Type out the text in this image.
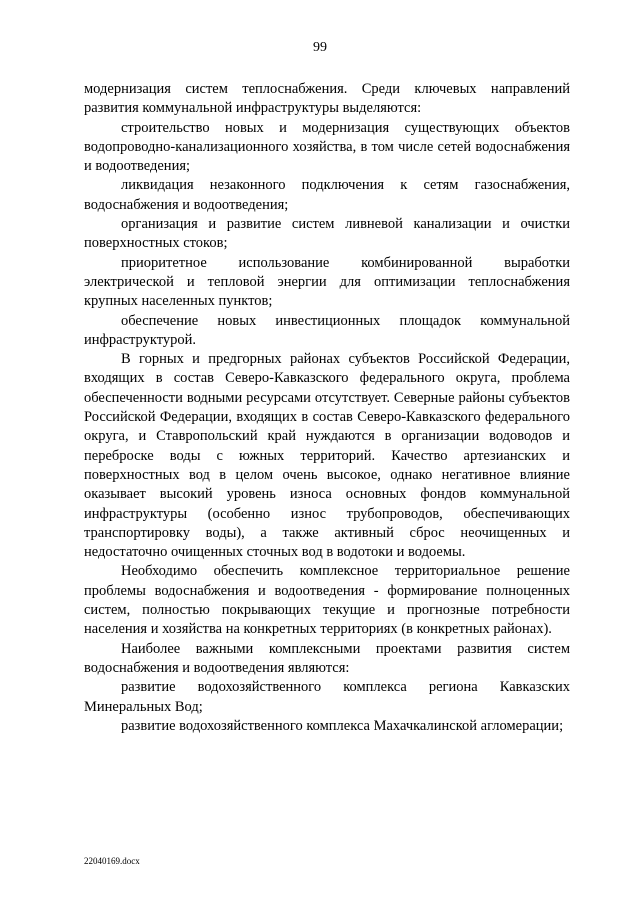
99

модернизация систем теплоснабжения. Среди ключевых направлений развития коммунальной инфраструктуры выделяются:

строительство новых и модернизация существующих объектов водопроводно-канализационного хозяйства, в том числе сетей водоснабжения и водоотведения;

ликвидация незаконного подключения к сетям газоснабжения, водоснабжения и водоотведения;

организация и развитие систем ливневой канализации и очистки поверхностных стоков;

приоритетное использование комбинированной выработки электрической и тепловой энергии для оптимизации теплоснабжения крупных населенных пунктов;

обеспечение новых инвестиционных площадок коммунальной инфраструктурой.

В горных и предгорных районах субъектов Российской Федерации, входящих в состав Северо-Кавказского федерального округа, проблема обеспеченности водными ресурсами отсутствует. Северные районы субъектов Российской Федерации, входящих в состав Северо-Кавказского федерального округа, и Ставропольский край нуждаются в организации водоводов и переброске воды с южных территорий. Качество артезианских и поверхностных вод в целом очень высокое, однако негативное влияние оказывает высокий уровень износа основных фондов коммунальной инфраструктуры (особенно износ трубопроводов, обеспечивающих транспортировку воды), а также активный сброс неочищенных и недостаточно очищенных сточных вод в водотоки и водоемы.

Необходимо обеспечить комплексное территориальное решение проблемы водоснабжения и водоотведения - формирование полноценных систем, полностью покрывающих текущие и прогнозные потребности населения и хозяйства на конкретных территориях (в конкретных районах).

Наиболее важными комплексными проектами развития систем водоснабжения и водоотведения являются:

развитие водохозяйственного комплекса региона Кавказских Минеральных Вод;

развитие водохозяйственного комплекса Махачкалинской агломерации;

22040169.docx
